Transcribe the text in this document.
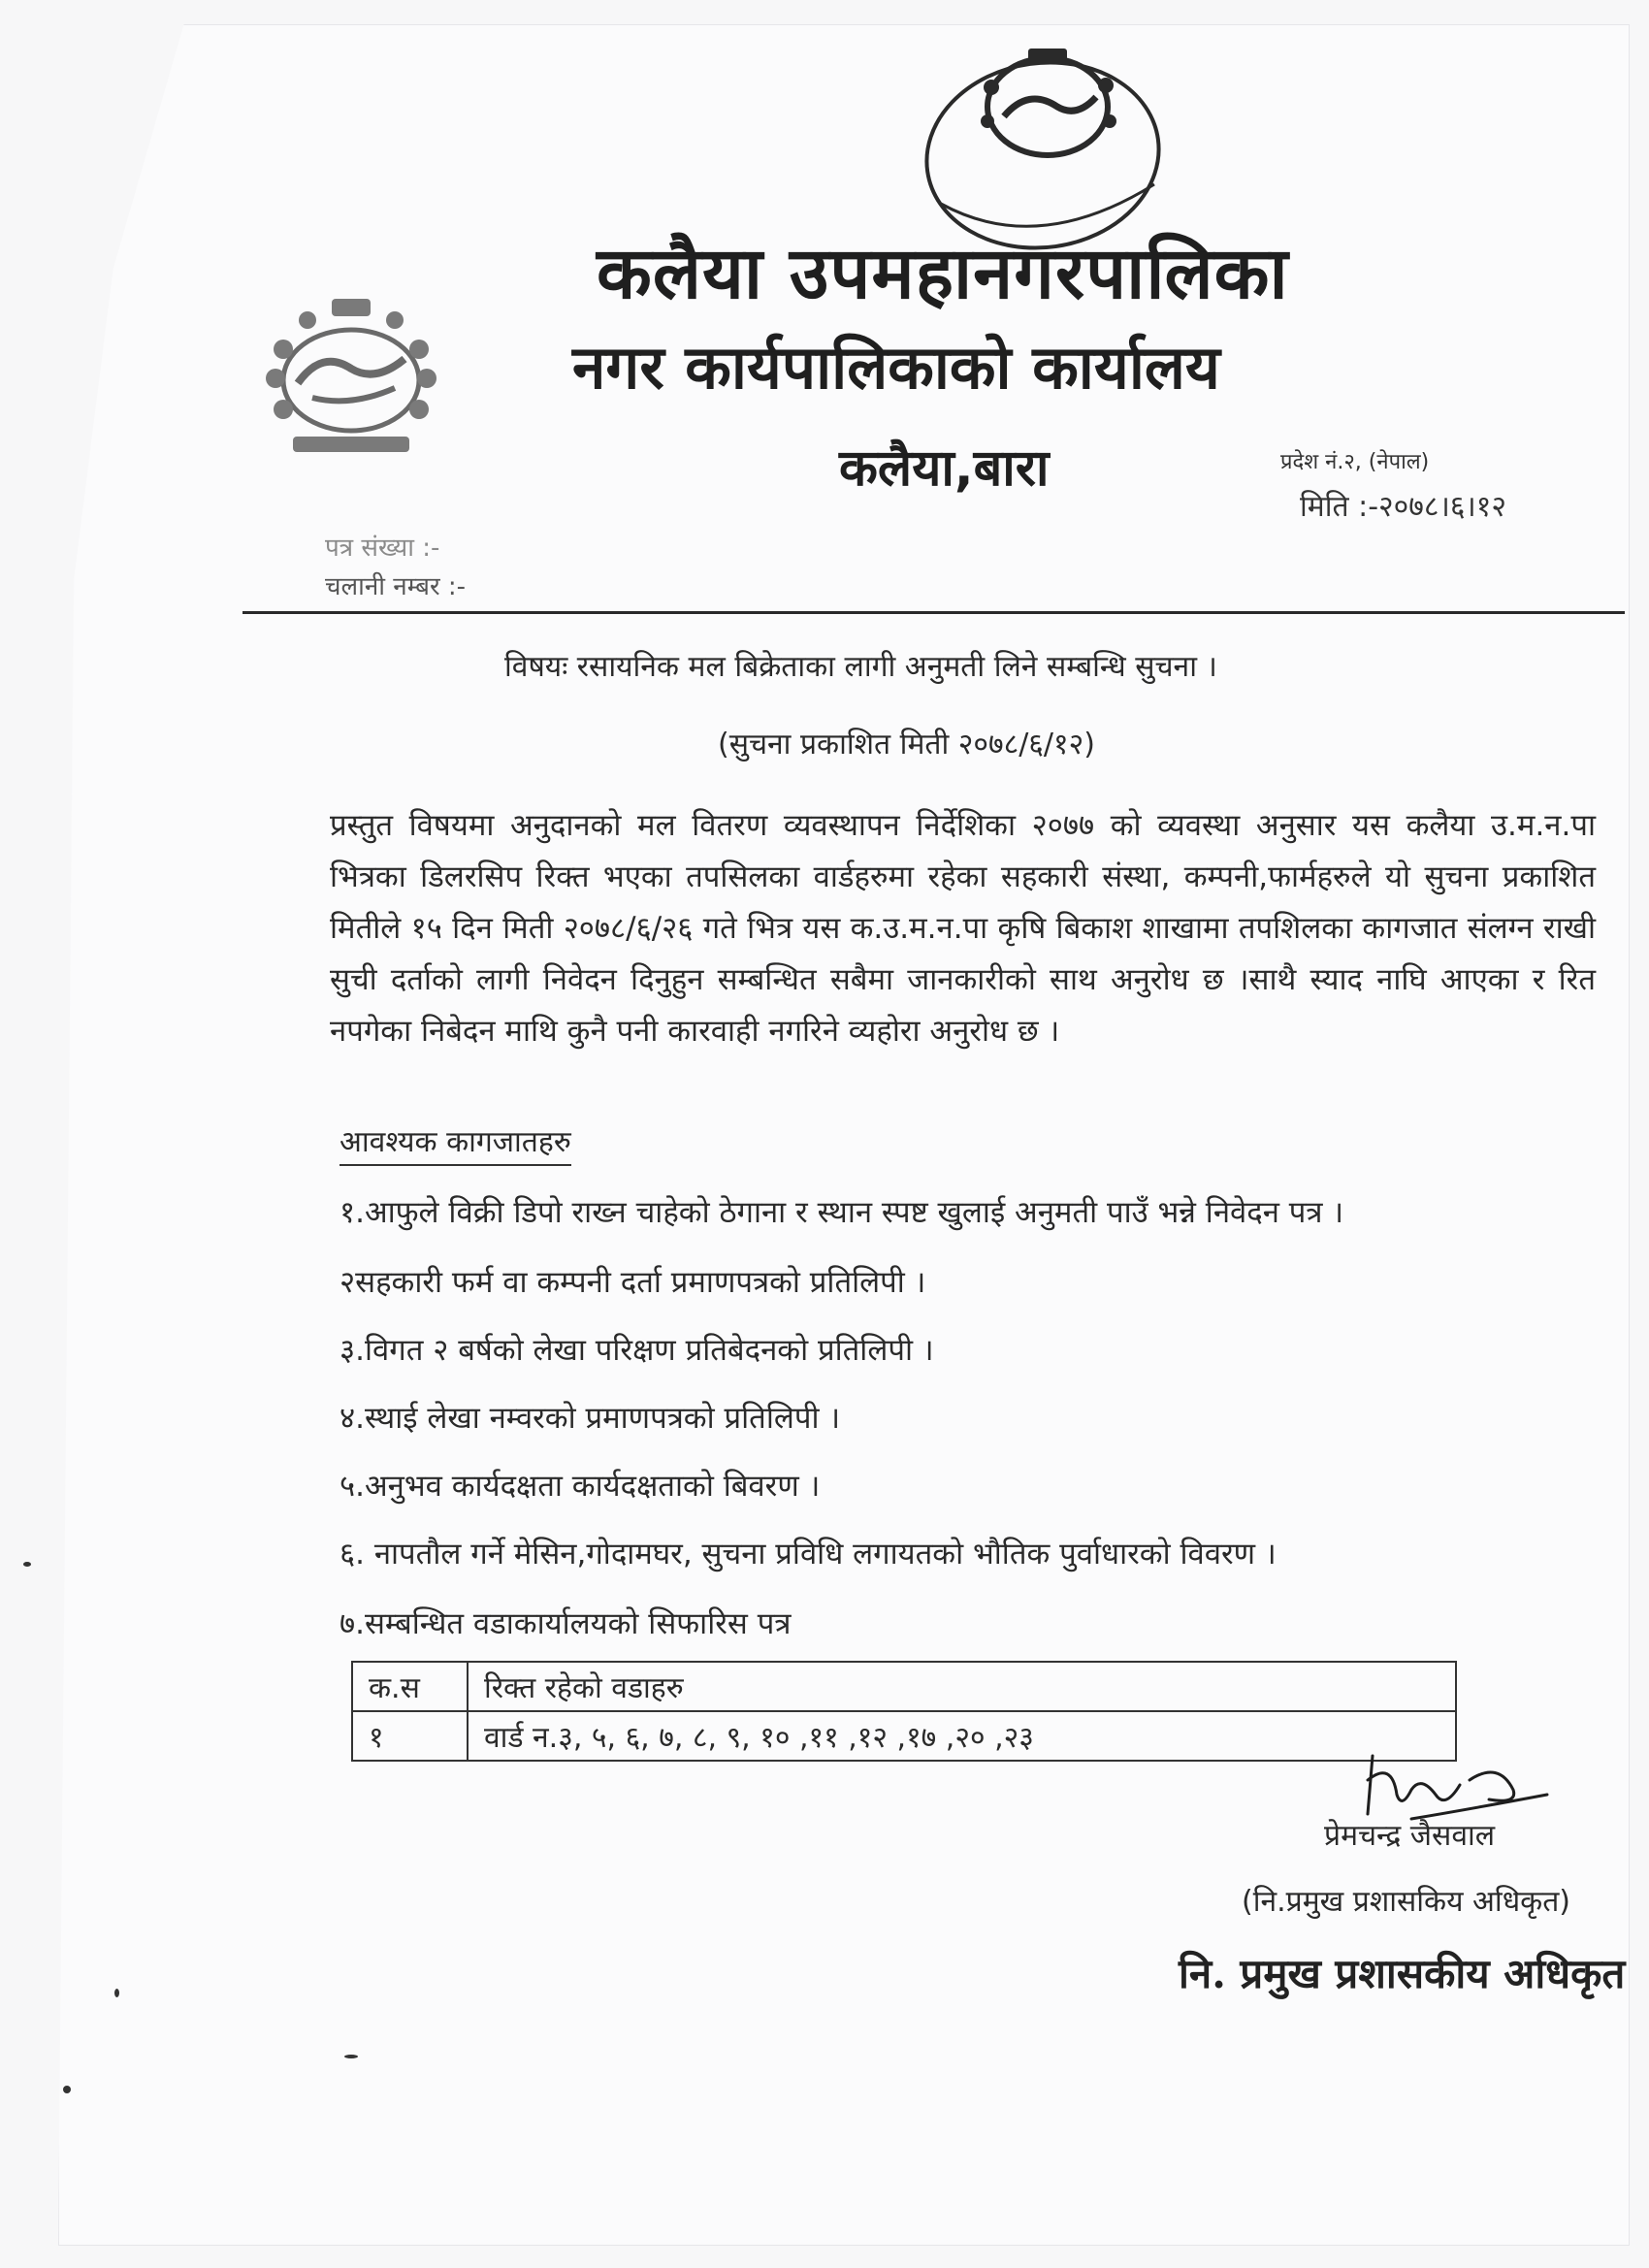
कलैया उपमहानगरपालिका
नगर कार्यपालिकाको कार्यालय
कलैया,बारा	प्रदेश नं.२, (नेपाल)
मिति :-२०७८।६।१२
पत्र संख्या :-
चलानी नम्बर :-
विषयः रसायनिक मल बिक्रेताका लागी अनुमती लिने सम्बन्धि सुचना ।
(सुचना प्रकाशित मिती २०७८/६/१२)
प्रस्तुत विषयमा अनुदानको मल वितरण व्यवस्थापन निर्देशिका २०७७ को व्यवस्था अनुसार यस कलैया उ.म.न.पा भित्रका डिलरसिप रिक्त भएका तपसिलका वार्डहरुमा रहेका सहकारी संस्था, कम्पनी,फार्महरुले यो सुचना प्रकाशित मितीले १५ दिन मिती २०७८/६/२६ गते भित्र यस क.उ.म.न.पा कृषि बिकाश शाखामा तपशिलका कागजात संलग्न राखी सुची दर्ताको लागी निवेदन दिनुहुन सम्बन्धित सबैमा जानकारीको साथ अनुरोध छ ।साथै स्याद नाघि आएका र रित नपगेका निबेदन माथि कुनै पनी कारवाही नगरिने व्यहोरा अनुरोध छ ।
आवश्यक कागजातहरु
१.आफुले विक्री डिपो राख्न चाहेको ठेगाना र स्थान स्पष्ट खुलाई अनुमती पाउँ भन्ने निवेदन पत्र ।
२सहकारी फर्म वा कम्पनी दर्ता प्रमाणपत्रको प्रतिलिपी ।
३.विगत २ बर्षको लेखा परिक्षण प्रतिबेदनको प्रतिलिपी ।
४.स्थाई लेखा नम्वरको प्रमाणपत्रको प्रतिलिपी ।
५.अनुभव कार्यदक्षता कार्यदक्षताको बिवरण ।
६. नापतौल गर्ने मेसिन,गोदामघर, सुचना प्रविधि लगायतको भौतिक पुर्वाधारको विवरण ।
७.सम्बन्धित वडाकार्यालयको सिफारिस पत्र
क.स	रिक्त रहेको वडाहरु
१	वार्ड न.३, ५, ६, ७, ८, ९, १० ,११ ,१२ ,१७ ,२० ,२३
प्रेमचन्द्र जैसवाल
(नि.प्रमुख प्रशासकिय अधिकृत)
नि. प्रमुख प्रशासकीय अधिकृत
